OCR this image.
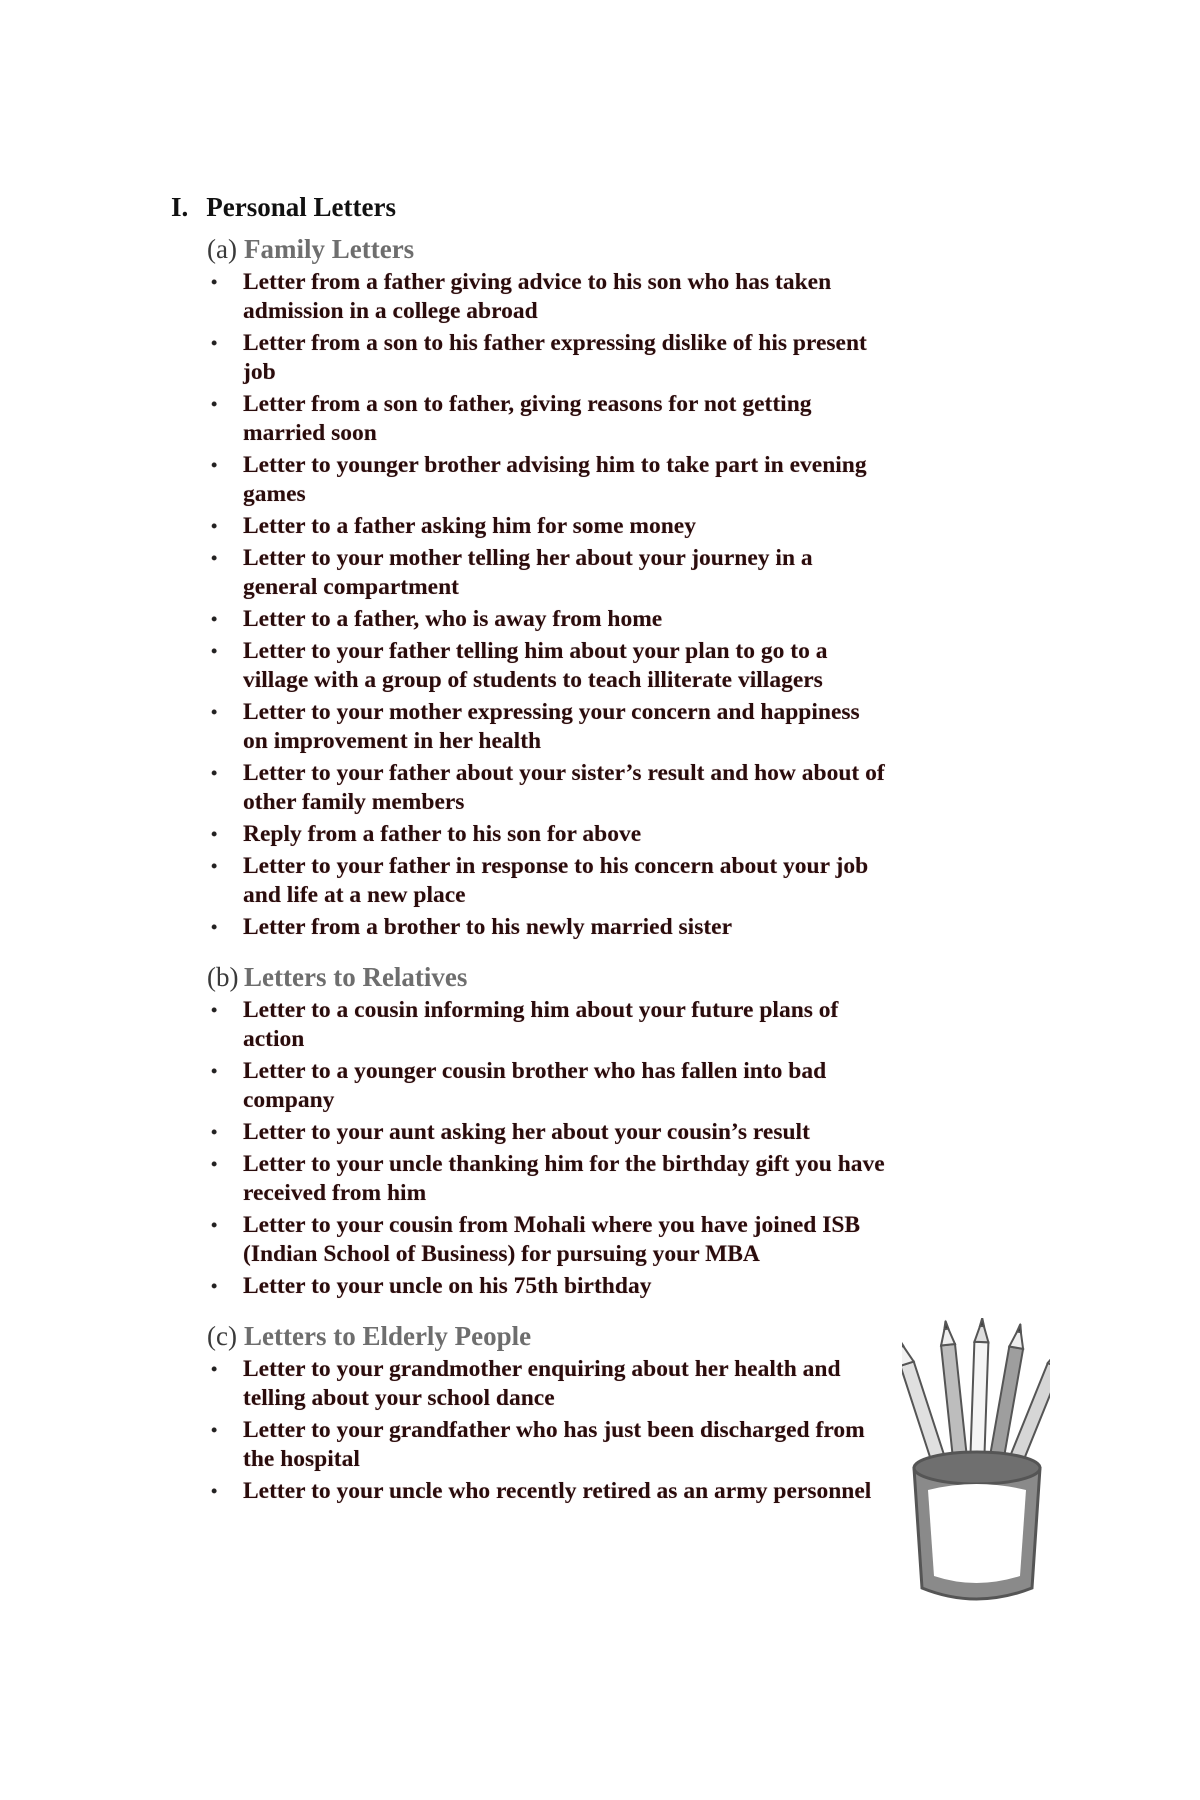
I. Personal Letters
(a) Family Letters
• Letter from a father giving advice to his son who has taken admission in a college abroad
• Letter from a son to his father expressing dislike of his present job
• Letter from a son to father, giving reasons for not getting married soon
• Letter to younger brother advising him to take part in evening games
• Letter to a father asking him for some money
• Letter to your mother telling her about your journey in a general compartment
• Letter to a father, who is away from home
• Letter to your father telling him about your plan to go to a village with a group of students to teach illiterate villagers
• Letter to your mother expressing your concern and happiness on improvement in her health
• Letter to your father about your sister’s result and how about of other family members
• Reply from a father to his son for above
• Letter to your father in response to his concern about your job and life at a new place
• Letter from a brother to his newly married sister
(b) Letters to Relatives
• Letter to a cousin informing him about your future plans of action
• Letter to a younger cousin brother who has fallen into bad company
• Letter to your aunt asking her about your cousin’s result
• Letter to your uncle thanking him for the birthday gift you have received from him
• Letter to your cousin from Mohali where you have joined ISB (Indian School of Business) for pursuing your MBA
• Letter to your uncle on his 75th birthday
(c) Letters to Elderly People
• Letter to your grandmother enquiring about her health and telling about your school dance
• Letter to your grandfather who has just been discharged from the hospital
• Letter to your uncle who recently retired as an army personnel
